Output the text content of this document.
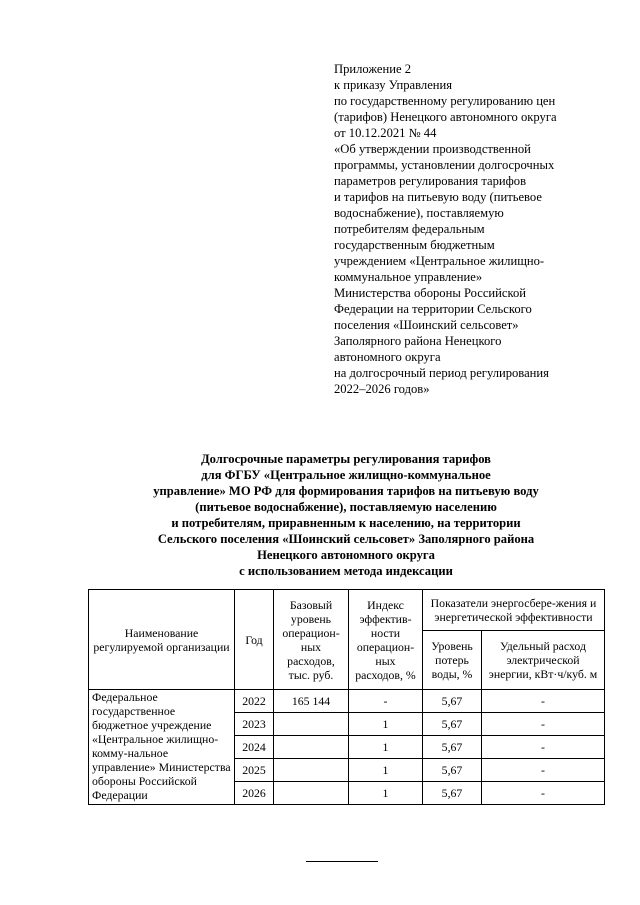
Приложение 2
к приказу Управления
по государственному регулированию цен
(тарифов) Ненецкого автономного округа
от 10.12.2021 № 44
«Об утверждении производственной
программы, установлении долгосрочных
параметров регулирования тарифов
и тарифов на питьевую воду (питьевое
водоснабжение), поставляемую
потребителям федеральным
государственным бюджетным
учреждением «Центральное жилищно-
коммунальное управление»
Министерства обороны Российской
Федерации на территории Сельского
поселения «Шоинский сельсовет»
Заполярного района Ненецкого
автономного округа
на долгосрочный период регулирования
2022–2026 годов»
Долгосрочные параметры регулирования тарифов
для ФГБУ «Центральное жилищно-коммунальное
управление» МО РФ для формирования тарифов на питьевую воду
(питьевое водоснабжение), поставляемую населению
и потребителям, приравненным к населению, на территории
Сельского поселения «Шоинский сельсовет» Заполярного района
Ненецкого автономного округа
с использованием метода индексации
Наименование регулируемой организации	Год	Базовый уровень операцион-ных расходов, тыс. руб.	Индекс эффектив-ности операцион-ных расходов, %	Показатели энергосбере-жения и энергетической эффективности	
				Уровень потерь воды, %	Удельный расход электрической энергии, кВт·ч/куб. м
Федеральное государственное бюджетное учреждение «Центральное жилищно-комму-нальное управление» Министерства обороны Российской Федерации	2022	165 144	-	5,67	-
	2023		1	5,67	-
	2024		1	5,67	-
	2025		1	5,67	-
	2026		1	5,67	-
